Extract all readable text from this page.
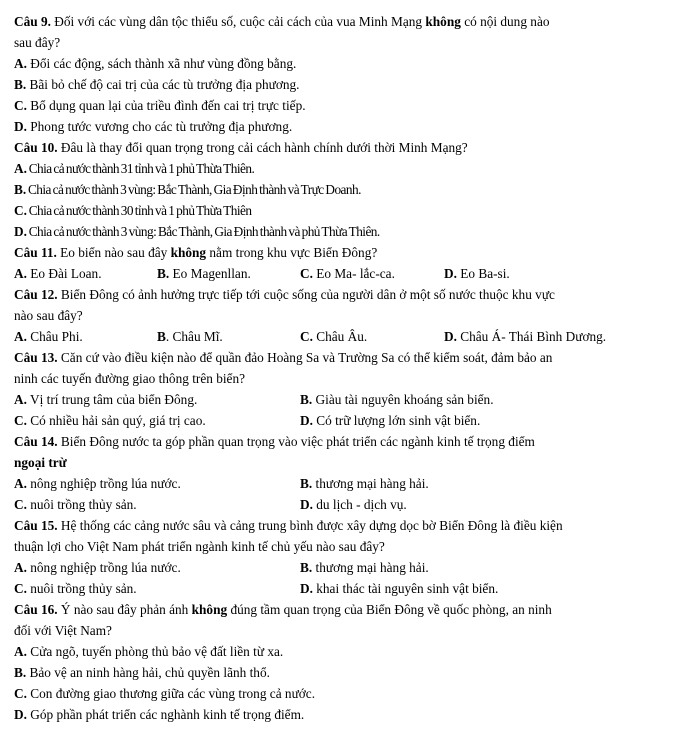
Câu 9. Đối với các vùng dân tộc thiểu số, cuộc cải cách của vua Minh Mạng không có nội dung nào
sau đây?
A. Đổi các động, sách thành xã như vùng đồng bằng.
B. Bãi bỏ chế độ cai trị của các tù trưởng địa phương.
C. Bổ dụng quan lại của triều đình đến cai trị trực tiếp.
D. Phong tước vương cho các tù trưởng địa phương.
Câu 10. Đâu là thay đổi quan trọng trong cải cách hành chính dưới thời Minh Mạng?
A. Chia cả nước thành 31 tỉnh và 1 phủ Thừa Thiên.
B. Chia cả nước thành 3 vùng: Bắc Thành, Gia Định thành và Trực Doanh.
C. Chia cả nước thành 30 tỉnh và 1 phủ Thừa Thiên
D. Chia cả nước thành 3 vùng: Bắc Thành, Gia Định thành và phủ Thừa Thiên.
Câu 11. Eo biển nào sau đây không nằm trong khu vực Biển Đông?
A. Eo Đài Loan.	B. Eo Magenllan.	C. Eo Ma- lắc-ca.	D. Eo Ba-si.
Câu 12. Biển Đông có ảnh hưởng trực tiếp tới cuộc sống của người dân ở một số nước thuộc khu vực
nào sau đây?
A. Châu Phi.	B. Châu Mĩ.	C. Châu Âu.	D. Châu Á- Thái Bình Dương.
Câu 13. Căn cứ vào điều kiện nào để quần đảo Hoàng Sa và Trường Sa có thể kiểm soát, đảm bảo an
ninh các tuyến đường giao thông trên biển?
A. Vị trí trung tâm của biển Đông.	B. Giàu tài nguyên khoáng sản biển.
C. Có nhiều hải sản quý, giá trị cao.	D. Có trữ lượng lớn sinh vật biển.
Câu 14. Biển Đông nước ta góp phần quan trọng vào việc phát triển các ngành kinh tế trọng điểm
ngoại trừ
A. nông nghiệp trồng lúa nước.	B. thương mại hàng hải.
C. nuôi trồng thủy sản.	D. du lịch - dịch vụ.
Câu 15. Hệ thống các cảng nước sâu và cảng trung bình được xây dựng dọc bờ Biển Đông là điều kiện
thuận lợi cho Việt Nam phát triển ngành kinh tế chủ yếu nào sau đây?
A. nông nghiệp trồng lúa nước.	B. thương mại hàng hải.
C. nuôi trồng thủy sản.	D. khai thác tài nguyên sinh vật biển.
Câu 16. Ý nào sau đây phản ánh không đúng tầm quan trọng của Biển Đông về quốc phòng, an ninh
đối với Việt Nam?
A. Cửa ngõ, tuyến phòng thủ bảo vệ đất liền từ xa.
B. Bảo vệ an ninh hàng hải, chủ quyền lãnh thổ.
C. Con đường giao thương giữa các vùng trong cả nước.
D. Góp phần phát triển các nghành kinh tế trọng điểm.
